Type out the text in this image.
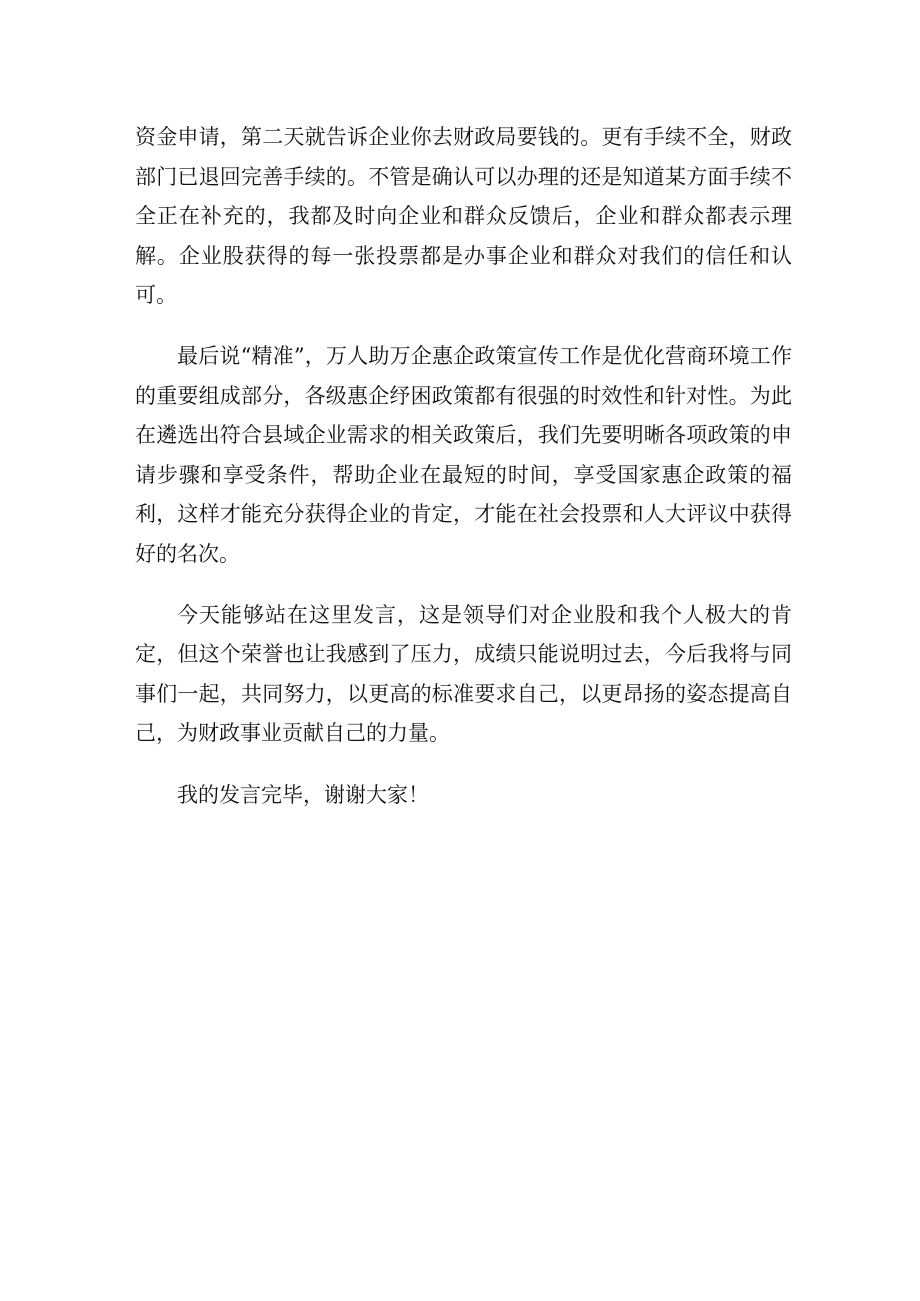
资金申请，第二天就告诉企业你去财政局要钱的。更有手续不全，财政部门已退回完善手续的。不管是确认可以办理的还是知道某方面手续不全正在补充的，我都及时向企业和群众反馈后，企业和群众都表示理解。企业股获得的每一张投票都是办事企业和群众对我们的信任和认可。

最后说“精准”，万人助万企惠企政策宣传工作是优化营商环境工作的重要组成部分，各级惠企纾困政策都有很强的时效性和针对性。为此在遴选出符合县域企业需求的相关政策后，我们先要明晰各项政策的申请步骤和享受条件，帮助企业在最短的时间，享受国家惠企政策的福利，这样才能充分获得企业的肯定，才能在社会投票和人大评议中获得好的名次。

今天能够站在这里发言，这是领导们对企业股和我个人极大的肯定，但这个荣誉也让我感到了压力，成绩只能说明过去，今后我将与同事们一起，共同努力，以更高的标准要求自己，以更昂扬的姿态提高自己，为财政事业贡献自己的力量。

我的发言完毕，谢谢大家！
